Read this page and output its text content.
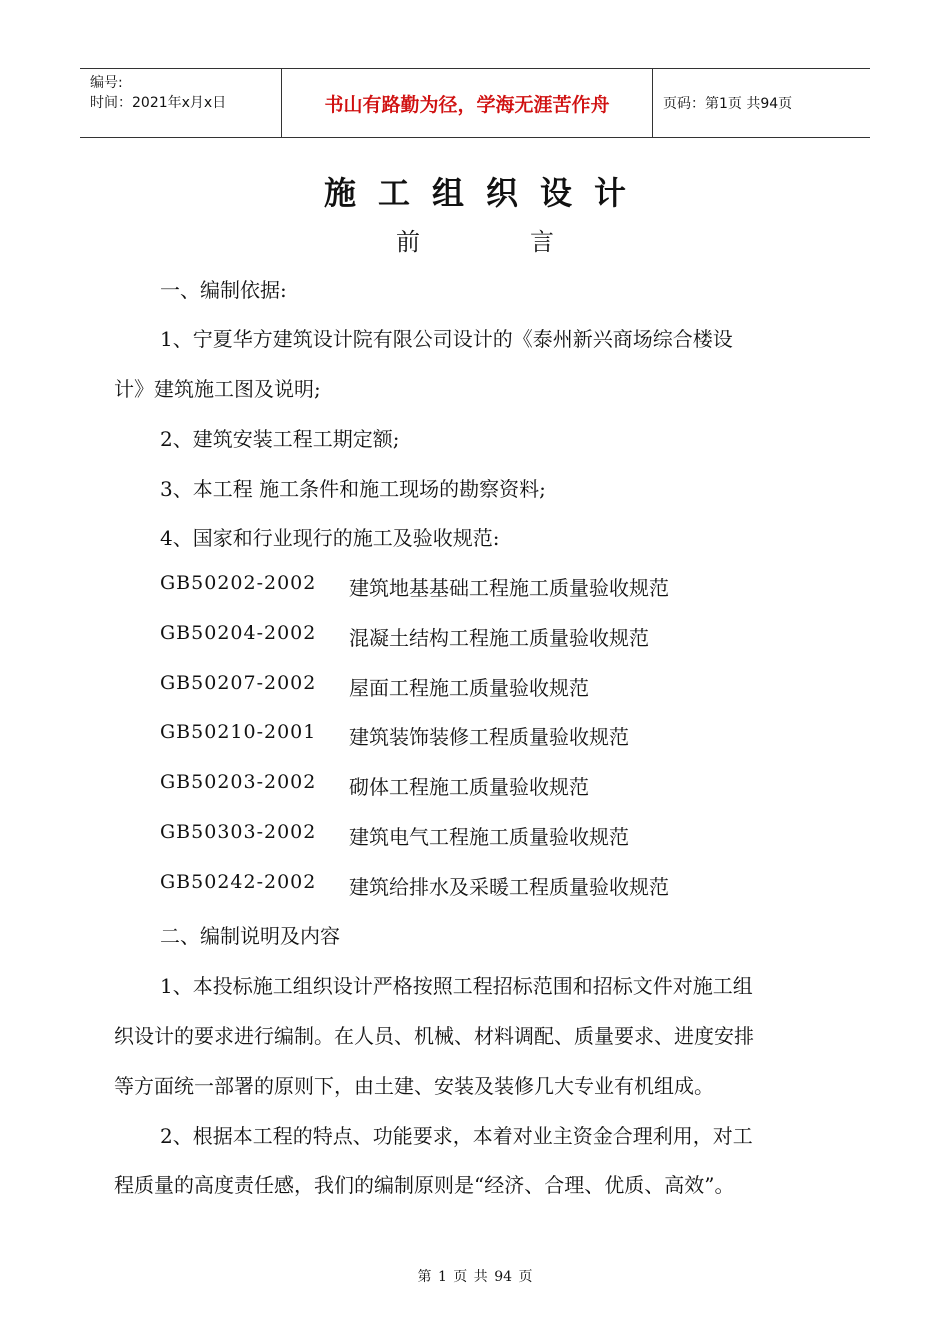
编号:
时间：2021年x月x日	书山有路勤为径，学海无涯苦作舟	页码：第1页 共94页
施工组织设计
前言
一、编制依据:
1、宁夏华方建筑设计院有限公司设计的《泰州新兴商场综合楼设
计》建筑施工图及说明;
2、建筑安装工程工期定额;
3、本工程 施工条件和施工现场的勘察资料;
4、国家和行业现行的施工及验收规范:
GB50202-2002 建筑地基基础工程施工质量验收规范
GB50204-2002 混凝土结构工程施工质量验收规范
GB50207-2002 屋面工程施工质量验收规范
GB50210-2001 建筑装饰装修工程质量验收规范
GB50203-2002 砌体工程施工质量验收规范
GB50303-2002 建筑电气工程施工质量验收规范
GB50242-2002 建筑给排水及采暖工程质量验收规范
二、编制说明及内容
1、本投标施工组织设计严格按照工程招标范围和招标文件对施工组
织设计的要求进行编制。在人员、机械、材料调配、质量要求、进度安排
等方面统一部署的原则下，由土建、安装及装修几大专业有机组成。
2、根据本工程的特点、功能要求，本着对业主资金合理利用，对工
程质量的高度责任感，我们的编制原则是“经济、合理、优质、高效”。
第 1 页 共 94 页
